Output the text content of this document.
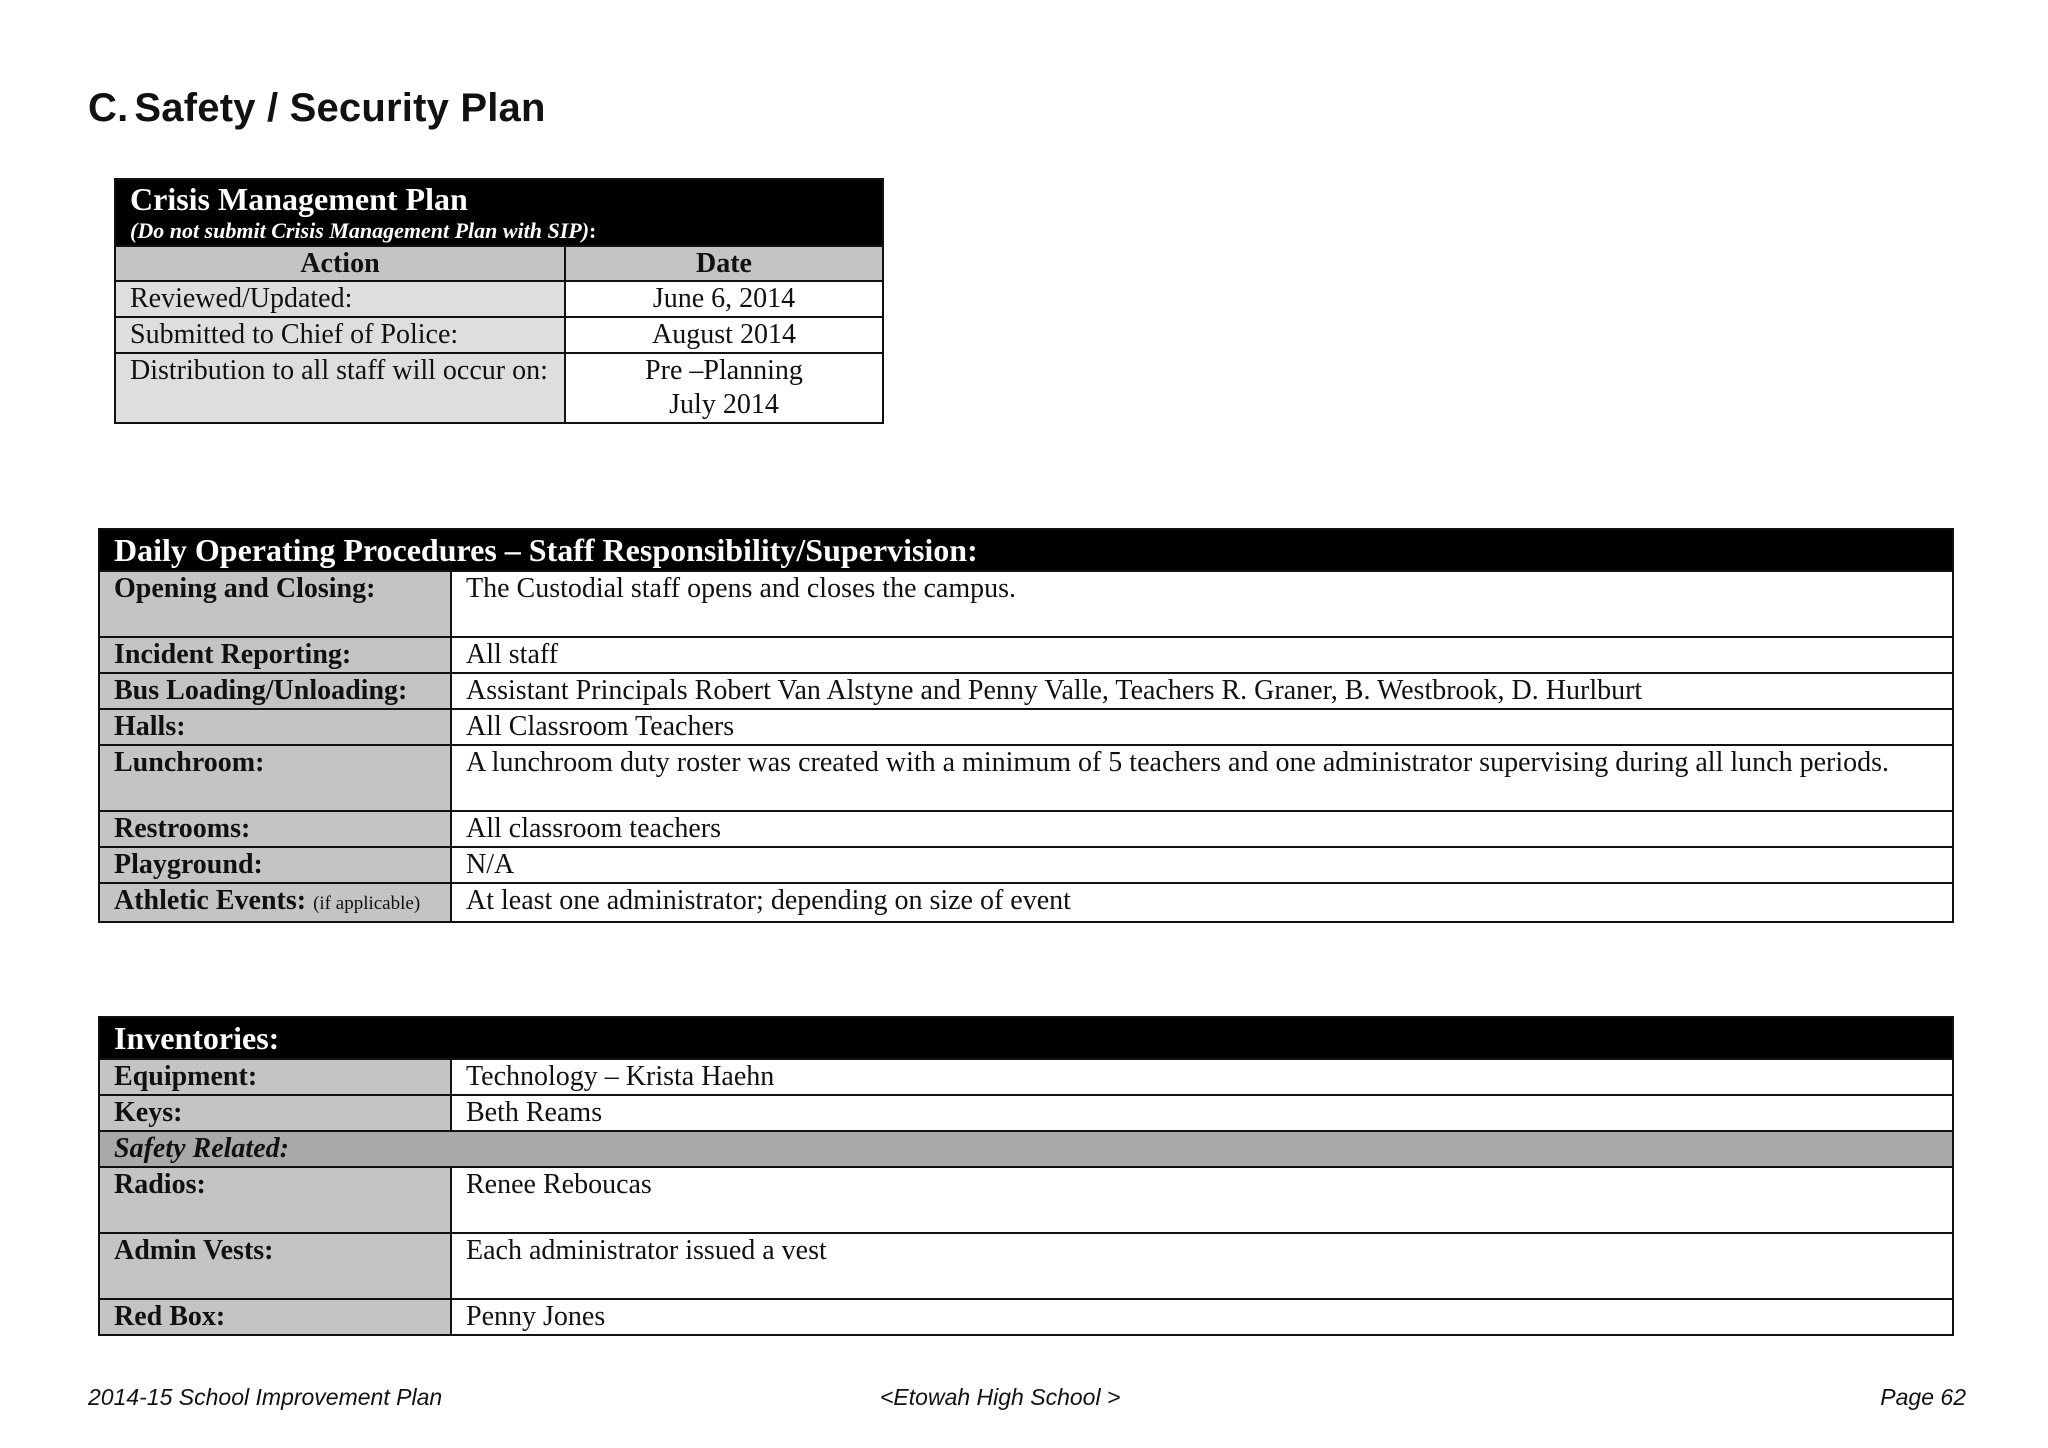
C. Safety / Security Plan
Crisis Management Plan
(Do not submit Crisis Management Plan with SIP):	

Action	Date
Reviewed/Updated:	June 6, 2014
Submitted to Chief of Police:	August 2014
Distribution to all staff will occur on:	Pre –Planning
July 2014
Daily Operating Procedures – Staff Responsibility/Supervision:	
Opening and Closing:	The Custodial staff opens and closes the campus.
Incident Reporting:	All staff
Bus Loading/Unloading:	Assistant Principals Robert Van Alstyne and Penny Valle, Teachers R. Graner, B. Westbrook, D. Hurlburt
Halls:	All Classroom Teachers
Lunchroom:	A lunchroom duty roster was created with a minimum of 5 teachers and one administrator supervising during all lunch periods.
Restrooms:	All classroom teachers
Playground:	N/A
Athletic Events: (if applicable)	At least one administrator; depending on size of event
Inventories:	
Equipment:	Technology – Krista Haehn
Keys:	Beth Reams
Safety Related:	
Radios:	Renee Reboucas
Admin Vests:	Each administrator issued a vest
Red Box:	Penny Jones
2014-15 School Improvement Plan	<Etowah High School >	Page 62
